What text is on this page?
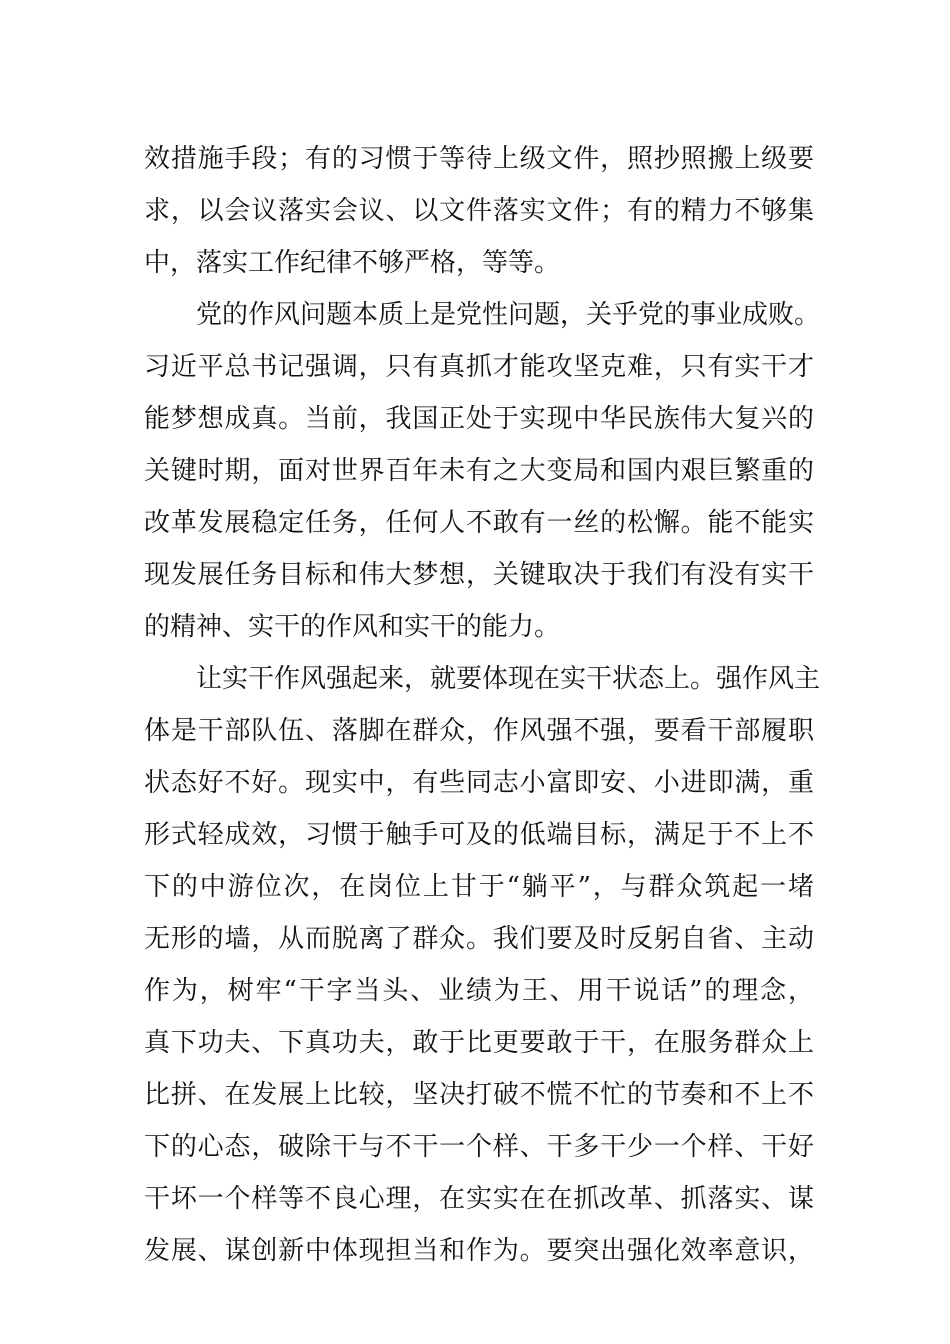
效措施手段；有的习惯于等待上级文件，照抄照搬上级要
求，以会议落实会议、以文件落实文件；有的精力不够集
中，落实工作纪律不够严格，等等。
　　党的作风问题本质上是党性问题，关乎党的事业成败。
习近平总书记强调，只有真抓才能攻坚克难，只有实干才
能梦想成真。当前，我国正处于实现中华民族伟大复兴的
关键时期，面对世界百年未有之大变局和国内艰巨繁重的
改革发展稳定任务，任何人不敢有一丝的松懈。能不能实
现发展任务目标和伟大梦想，关键取决于我们有没有实干
的精神、实干的作风和实干的能力。
　　让实干作风强起来，就要体现在实干状态上。强作风主
体是干部队伍、落脚在群众，作风强不强，要看干部履职
状态好不好。现实中，有些同志小富即安、小进即满，重
形式轻成效，习惯于触手可及的低端目标，满足于不上不
下的中游位次，在岗位上甘于“躺平”，与群众筑起一堵
无形的墙，从而脱离了群众。我们要及时反躬自省、主动
作为，树牢“干字当头、业绩为王、用干说话”的理念，
真下功夫、下真功夫，敢于比更要敢于干，在服务群众上
比拼、在发展上比较，坚决打破不慌不忙的节奏和不上不
下的心态，破除干与不干一个样、干多干少一个样、干好
干坏一个样等不良心理，在实实在在抓改革、抓落实、谋
发展、谋创新中体现担当和作为。要突出强化效率意识，
